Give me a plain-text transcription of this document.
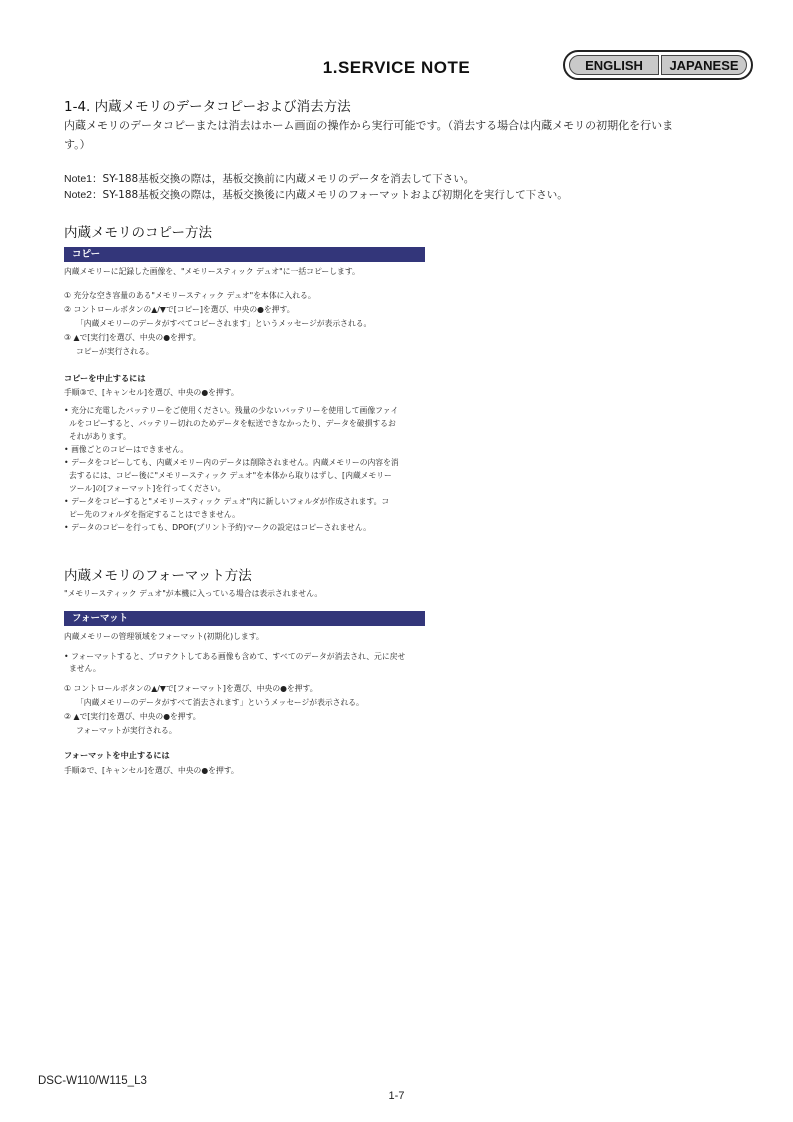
1.SERVICE NOTE	ENGLISH	JAPANESE
1-4. 内蔵メモリのデータコピーおよび消去方法
内蔵メモリのデータコピーまたは消去はホーム画面の操作から実行可能です。（消去する場合は内蔵メモリの初期化を行いま
す。）
Note1：SY-188基板交換の際は，基板交換前に内蔵メモリのデータを消去して下さい。
Note2：SY-188基板交換の際は，基板交換後に内蔵メモリのフォーマットおよび初期化を実行して下さい。
内蔵メモリのコピー方法
コピー
内蔵メモリーに記録した画像を、"メモリースティック デュオ"に一括コピーします。
① 充分な空き容量のある"メモリースティック デュオ"を本体に入れる。
② コントロールボタンの▲/▼で[コピー]を選び、中央の●を押す。
「内蔵メモリーのデータがすべてコピーされます」というメッセージが表示される。
③ ▲で[実行]を選び、中央の●を押す。
コピーが実行される。
コピーを中止するには
手順③で、[キャンセル]を選び、中央の●を押す。
• 充分に充電したバッテリーをご使用ください。残量の少ないバッテリーを使用して画像ファイ
ルをコピーすると、バッテリー切れのためデータを転送できなかったり、データを破損するお
それがあります。
• 画像ごとのコピーはできません。
• データをコピーしても、内蔵メモリー内のデータは削除されません。内蔵メモリーの内容を消
去するには、コピー後に"メモリースティック デュオ"を本体から取りはずし、[内蔵メモリー
ツール]の[フォーマット]を行ってください。
• データをコピーすると"メモリースティック デュオ"内に新しいフォルダが作成されます。コ
ピー先のフォルダを指定することはできません。
• データのコピーを行っても、DPOF(プリント予約)マークの設定はコピーされません。
内蔵メモリのフォーマット方法
"メモリースティック デュオ"が本機に入っている場合は表示されません。
フォーマット
内蔵メモリーの管理領域をフォーマット(初期化)します。
• フォーマットすると、プロテクトしてある画像も含めて、すべてのデータが消去され、元に戻せ
ません。
① コントロールボタンの▲/▼で[フォーマット]を選び、中央の●を押す。
「内蔵メモリーのデータがすべて消去されます」というメッセージが表示される。
② ▲で[実行]を選び、中央の●を押す。
フォーマットが実行される。
フォーマットを中止するには
手順②で、[キャンセル]を選び、中央の●を押す。
DSC-W110/W115_L3
1-7
